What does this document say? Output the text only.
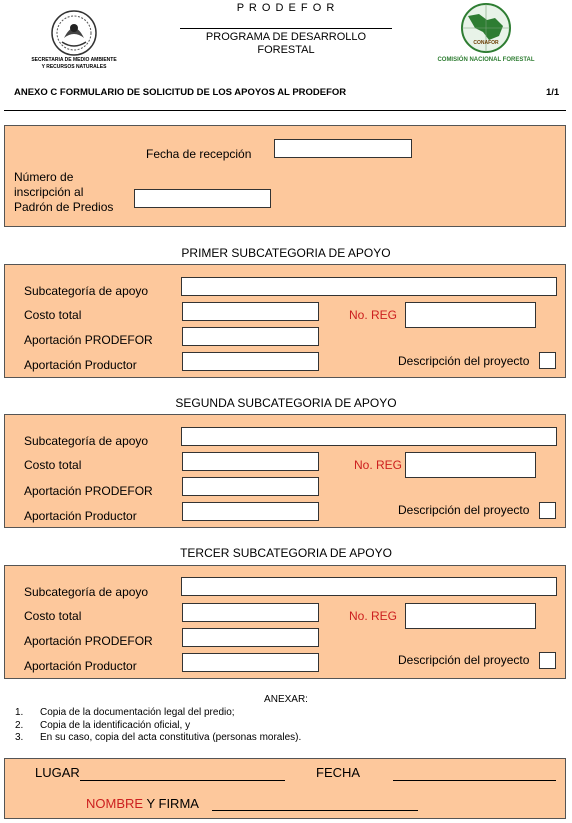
SECRETARIA DE MEDIO AMBIENTE
Y RECURSOS NATURALES
P R O D E F O R
PROGRAMA DE DESARROLLO
FORESTAL
CONAFOR
COMISIÓN NACIONAL FORESTAL
ANEXO C FORMULARIO DE SOLICITUD DE LOS APOYOS AL PRODEFOR	1/1
Fecha de recepción
Número de
inscripción al
Padrón de Predios
PRIMER SUBCATEGORIA DE APOYO
Subcategoría de apoyo
Costo total	No. REG
Aportación PRODEFOR
Aportación Productor	Descripción del proyecto
SEGUNDA SUBCATEGORIA DE APOYO
Subcategoría de apoyo
Costo total	No. REG
Aportación PRODEFOR
Aportación Productor	Descripción del proyecto
TERCER SUBCATEGORIA DE APOYO
Subcategoría de apoyo
Costo total	No. REG
Aportación PRODEFOR
Aportación Productor	Descripción del proyecto
ANEXAR:
1. Copia de la documentación legal del predio;
2. Copia de la identificación oficial, y
3. En su caso, copia del acta constitutiva (personas morales).
LUGAR	FECHA
NOMBRE Y FIRMA
